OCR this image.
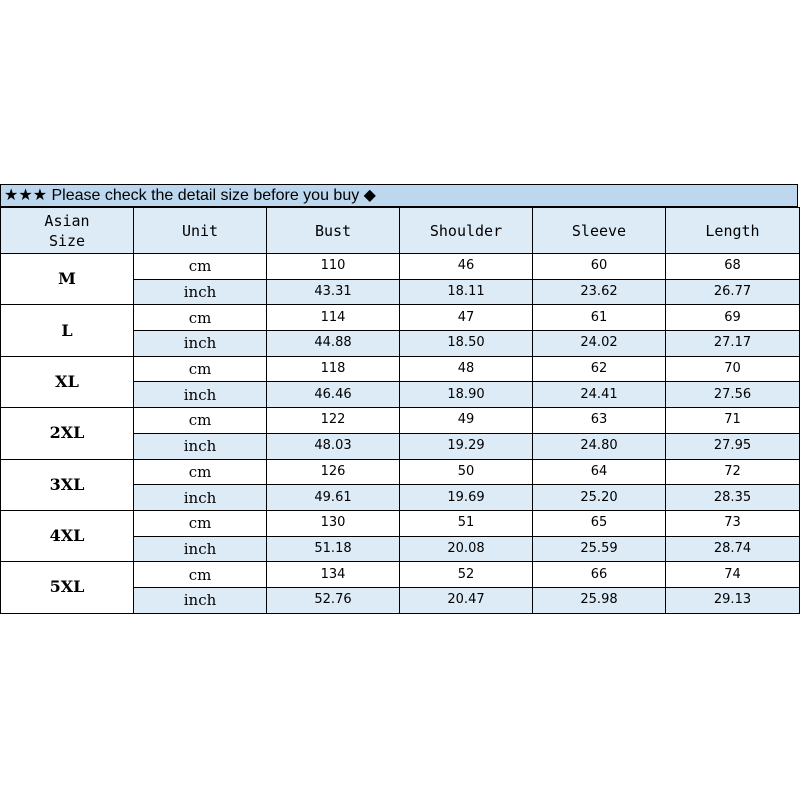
★★★ Please check the detail size before you buy ◆
Asian
Size	Unit	Bust	Shoulder	Sleeve	Length
M	cm	110	46	60	68
	inch	43.31	18.11	23.62	26.77
L	cm	114	47	61	69
	inch	44.88	18.50	24.02	27.17
XL	cm	118	48	62	70
	inch	46.46	18.90	24.41	27.56
2XL	cm	122	49	63	71
	inch	48.03	19.29	24.80	27.95
3XL	cm	126	50	64	72
	inch	49.61	19.69	25.20	28.35
4XL	cm	130	51	65	73
	inch	51.18	20.08	25.59	28.74
5XL	cm	134	52	66	74
	inch	52.76	20.47	25.98	29.13
